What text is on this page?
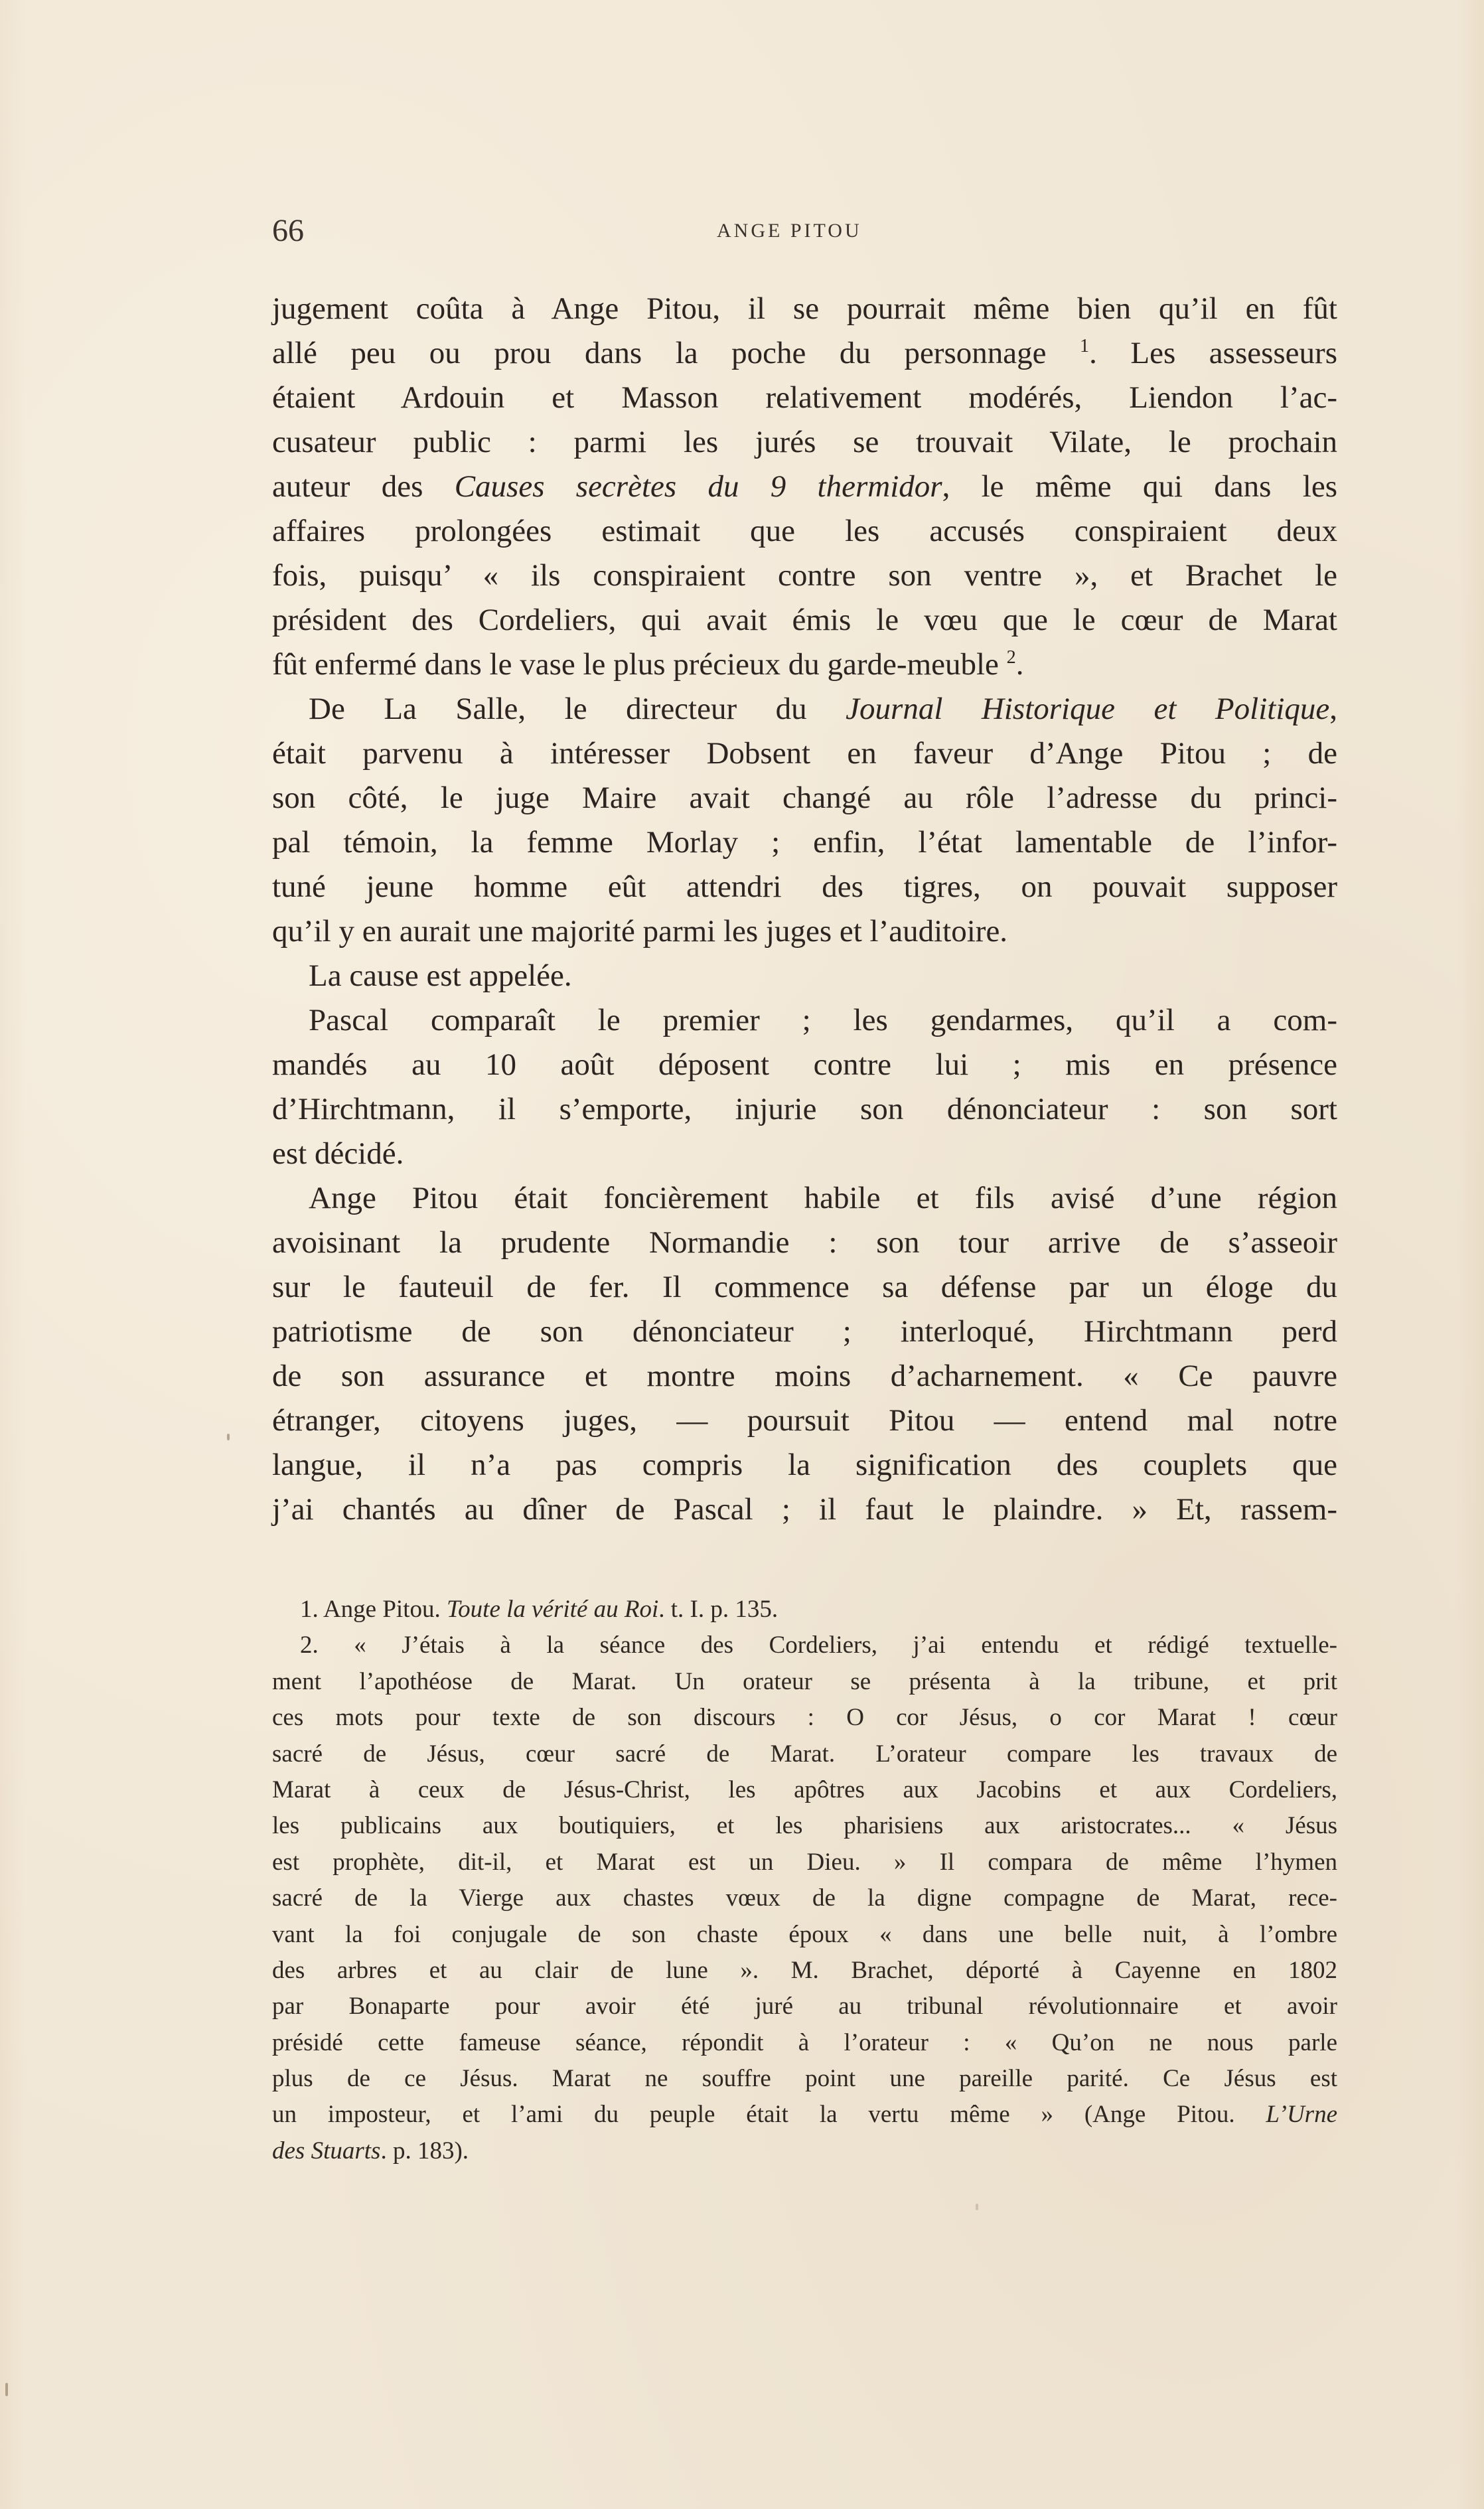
66	ANGE PITOU
jugement coûta à Ange Pitou, il se pourrait même bien qu’il en fût
allé peu ou prou dans la poche du personnage $^1$. Les assesseurs
étaient Ardouin et Masson relativement modérés, Liendon l’ac-
cusateur public : parmi les jurés se trouvait Vilate, le prochain
auteur des Causes secrètes du 9 thermidor, le même qui dans les
affaires prolongées estimait que les accusés conspiraient deux
fois, puisqu’ « ils conspiraient contre son ventre », et Brachet le
président des Cordeliers, qui avait émis le vœu que le cœur de Marat
fût enfermé dans le vase le plus précieux du garde-meuble $^2$.
De La Salle, le directeur du Journal Historique et Politique,
était parvenu à intéresser Dobsent en faveur d’Ange Pitou ; de
son côté, le juge Maire avait changé au rôle l’adresse du princi-
pal témoin, la femme Morlay ; enfin, l’état lamentable de l’infor-
tuné jeune homme eût attendri des tigres, on pouvait supposer
qu’il y en aurait une majorité parmi les juges et l’auditoire.
La cause est appelée.
Pascal comparaît le premier ; les gendarmes, qu’il a com-
mandés au 10 août déposent contre lui ; mis en présence
d’Hirchtmann, il s’emporte, injurie son dénonciateur : son sort
est décidé.
Ange Pitou était foncièrement habile et fils avisé d’une région
avoisinant la prudente Normandie : son tour arrive de s’asseoir
sur le fauteuil de fer. Il commence sa défense par un éloge du
patriotisme de son dénonciateur ; interloqué, Hirchtmann perd
de son assurance et montre moins d’acharnement. « Ce pauvre
étranger, citoyens juges, — poursuit Pitou — entend mal notre
langue, il n’a pas compris la signification des couplets que
j’ai chantés au dîner de Pascal ; il faut le plaindre. » Et, rassem-
1. Ange Pitou. Toute la vérité au Roi. t. I. p. 135.
2. « J’étais à la séance des Cordeliers, j’ai entendu et rédigé textuelle-
ment l’apothéose de Marat. Un orateur se présenta à la tribune, et prit
ces mots pour texte de son discours : O cor Jésus, o cor Marat ! cœur
sacré de Jésus, cœur sacré de Marat. L’orateur compare les travaux de
Marat à ceux de Jésus-Christ, les apôtres aux Jacobins et aux Cordeliers,
les publicains aux boutiquiers, et les pharisiens aux aristocrates... « Jésus
est prophète, dit-il, et Marat est un Dieu. » Il compara de même l’hymen
sacré de la Vierge aux chastes vœux de la digne compagne de Marat, rece-
vant la foi conjugale de son chaste époux « dans une belle nuit, à l’ombre
des arbres et au clair de lune ». M. Brachet, déporté à Cayenne en 1802
par Bonaparte pour avoir été juré au tribunal révolutionnaire et avoir
présidé cette fameuse séance, répondit à l’orateur : « Qu’on ne nous parle
plus de ce Jésus. Marat ne souffre point une pareille parité. Ce Jésus est
un imposteur, et l’ami du peuple était la vertu même » (Ange Pitou. L’Urne
des Stuarts. p. 183).
